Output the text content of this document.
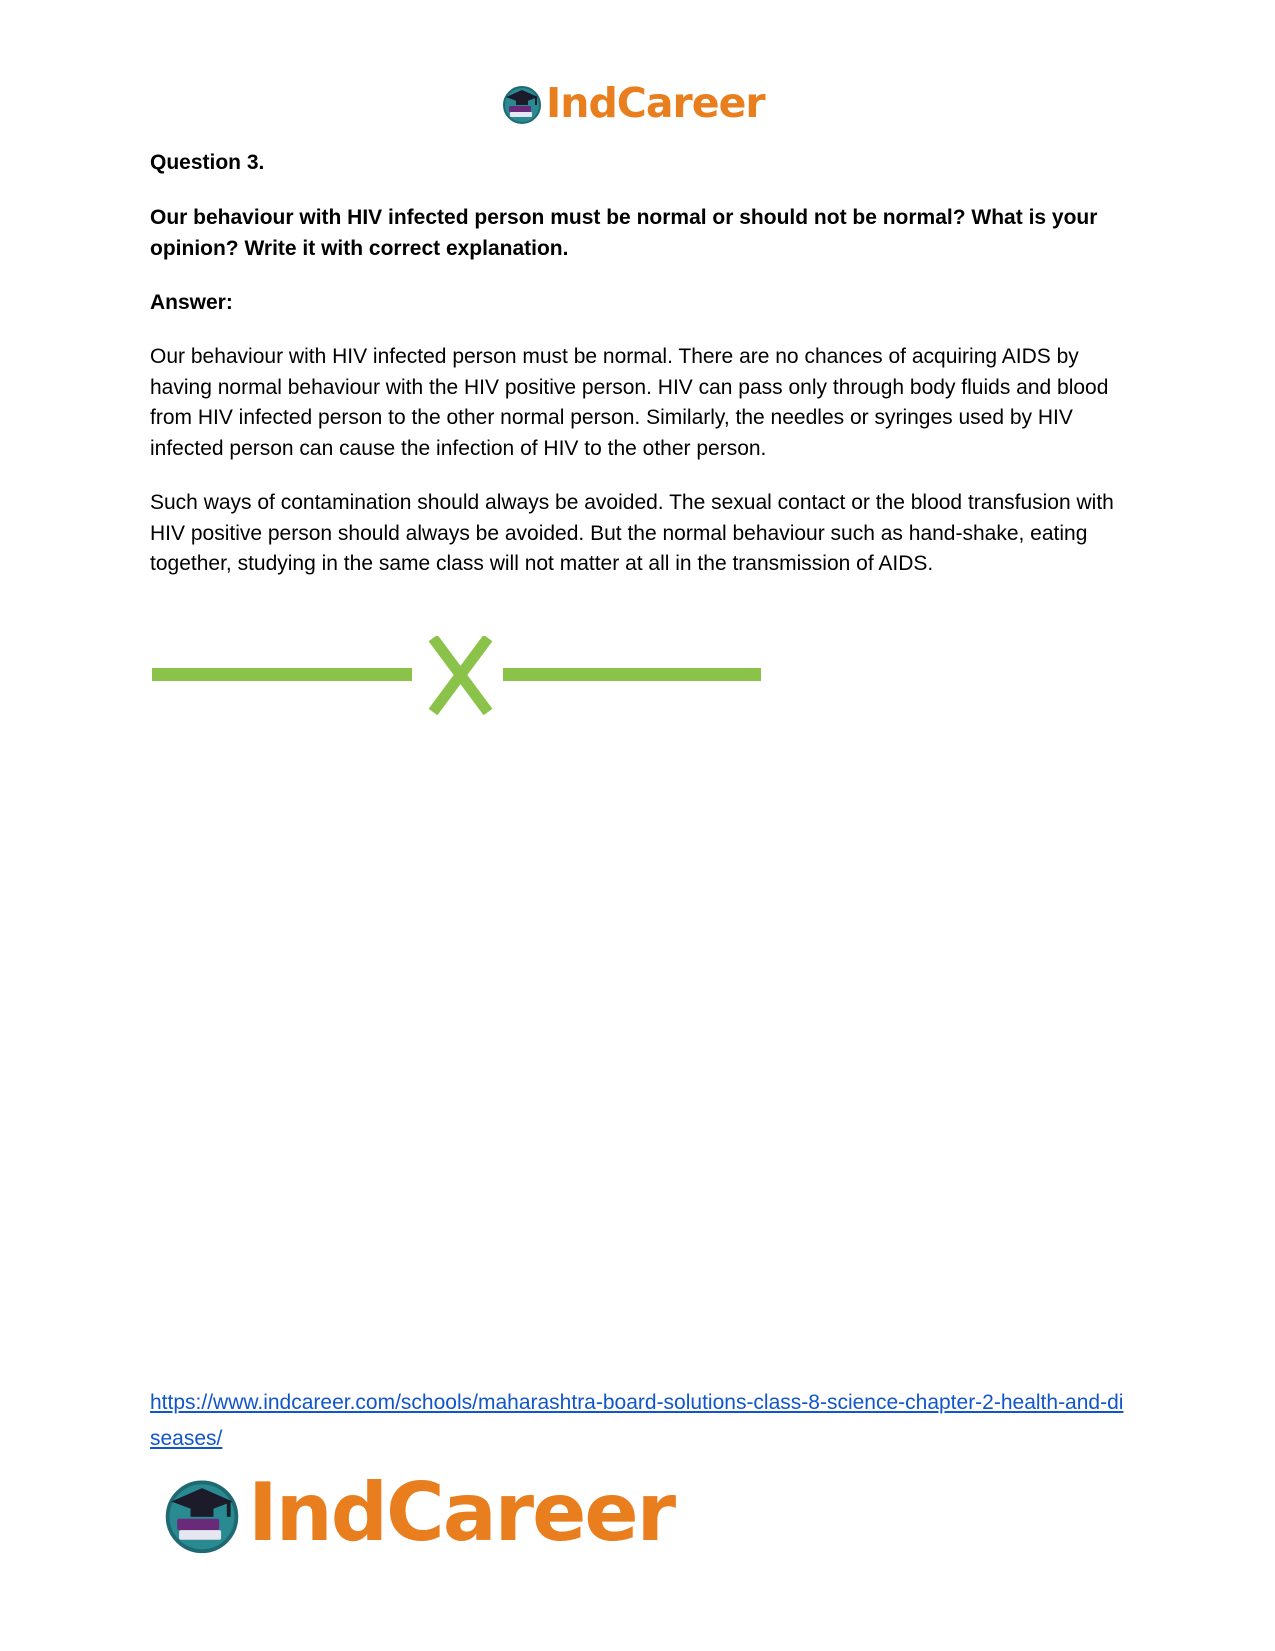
IndCareer
Question 3.
Our behaviour with HIV infected person must be normal or should not be normal? What is your opinion? Write it with correct explanation.
Answer:
Our behaviour with HIV infected person must be normal. There are no chances of acquiring AIDS by having normal behaviour with the HIV positive person. HIV can pass only through body fluids and blood from HIV infected person to the other normal person. Similarly, the needles or syringes used by HIV infected person can cause the infection of HIV to the other person.
Such ways of contamination should always be avoided. The sexual contact or the blood transfusion with HIV positive person should always be avoided. But the normal behaviour such as hand-shake, eating together, studying in the same class will not matter at all in the transmission of AIDS.
https://www.indcareer.com/schools/maharashtra-board-solutions-class-8-science-chapter-2-health-and-diseases/
IndCareer
